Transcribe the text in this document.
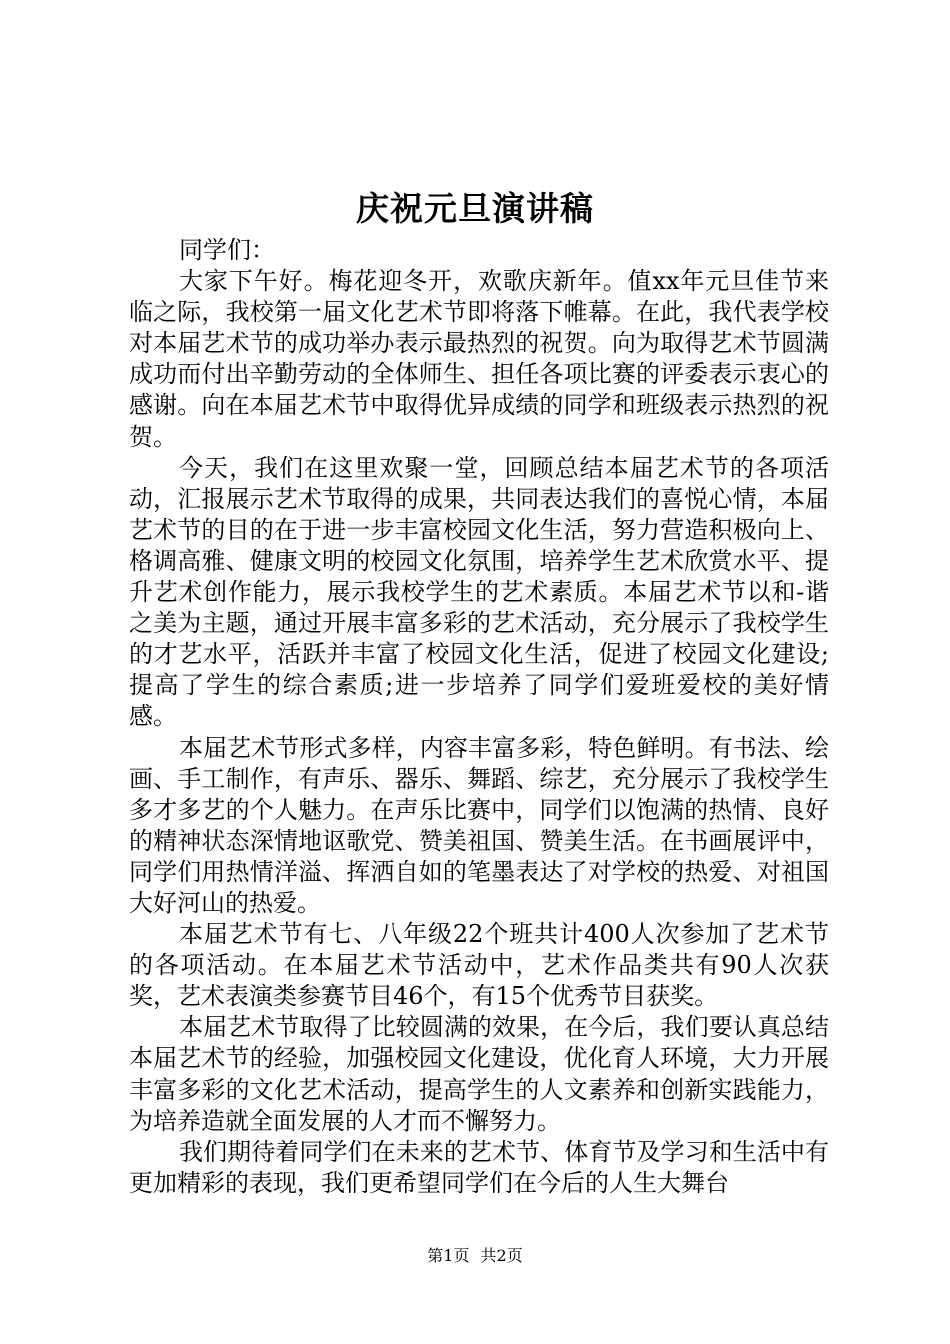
庆祝元旦演讲稿

同学们：

大家下午好。梅花迎冬开，欢歌庆新年。值xx年元旦佳节来临之际，我校第一届文化艺术节即将落下帷幕。在此，我代表学校对本届艺术节的成功举办表示最热烈的祝贺。向为取得艺术节圆满成功而付出辛勤劳动的全体师生、担任各项比赛的评委表示衷心的感谢。向在本届艺术节中取得优异成绩的同学和班级表示热烈的祝贺。

今天，我们在这里欢聚一堂，回顾总结本届艺术节的各项活动，汇报展示艺术节取得的成果，共同表达我们的喜悦心情，本届艺术节的目的在于进一步丰富校园文化生活，努力营造积极向上、格调高雅、健康文明的校园文化氛围，培养学生艺术欣赏水平、提升艺术创作能力，展示我校学生的艺术素质。本届艺术节以和-谐之美为主题，通过开展丰富多彩的艺术活动，充分展示了我校学生的才艺水平，活跃并丰富了校园文化生活，促进了校园文化建设;提高了学生的综合素质;进一步培养了同学们爱班爱校的美好情感。

本届艺术节形式多样，内容丰富多彩，特色鲜明。有书法、绘画、手工制作，有声乐、器乐、舞蹈、综艺，充分展示了我校学生多才多艺的个人魅力。在声乐比赛中，同学们以饱满的热情、良好的精神状态深情地讴歌党、赞美祖国、赞美生活。在书画展评中，同学们用热情洋溢、挥洒自如的笔墨表达了对学校的热爱、对祖国大好河山的热爱。

本届艺术节有七、八年级22个班共计400人次参加了艺术节的各项活动。在本届艺术节活动中，艺术作品类共有90人次获奖，艺术表演类参赛节目46个，有15个优秀节目获奖。

本届艺术节取得了比较圆满的效果，在今后，我们要认真总结本届艺术节的经验，加强校园文化建设，优化育人环境，大力开展丰富多彩的文化艺术活动，提高学生的人文素养和创新实践能力，为培养造就全面发展的人才而不懈努力。

我们期待着同学们在未来的艺术节、体育节及学习和生活中有更加精彩的表现，我们更希望同学们在今后的人生大舞台

第1页 共2页
